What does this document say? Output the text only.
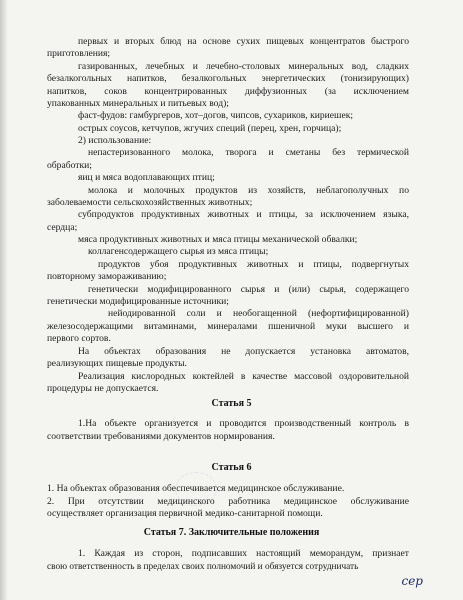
первых и вторых блюд на основе сухих пищевых концентратов быстрого
приготовления;
газированных, лечебных и лечебно-столовых минеральных вод, сладких
безалкогольных напитков, безалкогольных энергетических (тонизирующих)
напитков, соков концентрированных диффузионных (за исключением
упакованных минеральных и питьевых вод);
фаст-фудов: гамбургеров, хот–догов, чипсов, сухариков, кириешек;
острых соусов, кетчупов, жгучих специй (перец, хрен, горчица);
2) использование:
непастеризованного молока, творога и сметаны без термической
обработки;
яиц и мяса водоплавающих птиц;
молока и молочных продуктов из хозяйств, неблагополучных по
заболеваемости сельскохозяйственных животных;
субпродуктов продуктивных животных и птицы, за исключением языка,
сердца;
мяса продуктивных животных и мяса птицы механической обвалки;
коллагенсодержащего сырья из мяса птицы;
продуктов убоя продуктивных животных и птицы, подвергнутых
повторному замораживанию;
генетически модифицированного сырья и (или) сырья, содержащего
генетически модифицированные источники;
нейодированной соли и необогащенной (нефортифицированной)
железосодержащими витаминами, минералами пшеничной муки высшего и
первого сортов.
На объектах образования не допускается установка автоматов,
реализующих пищевые продукты.
Реализация кислородных коктейлей в качестве массовой оздоровительной
процедуры не допускается.
Статья 5
1.На объекте организуется и проводится производственный контроль в
соответствии требованиями документов нормирования.
Статья 6
1. На объектах образования обеспечивается медицинское обслуживание.
2. При отсутствии медицинского работника медицинское обслуживание
осуществляет организация первичной медико-санитарной помощи.
Статья 7. Заключительные положения
1. Каждая из сторон, подписавших настоящий меморандум, признает
свою ответственность в пределах своих полномочий и обязуется сотрудничать
сер
